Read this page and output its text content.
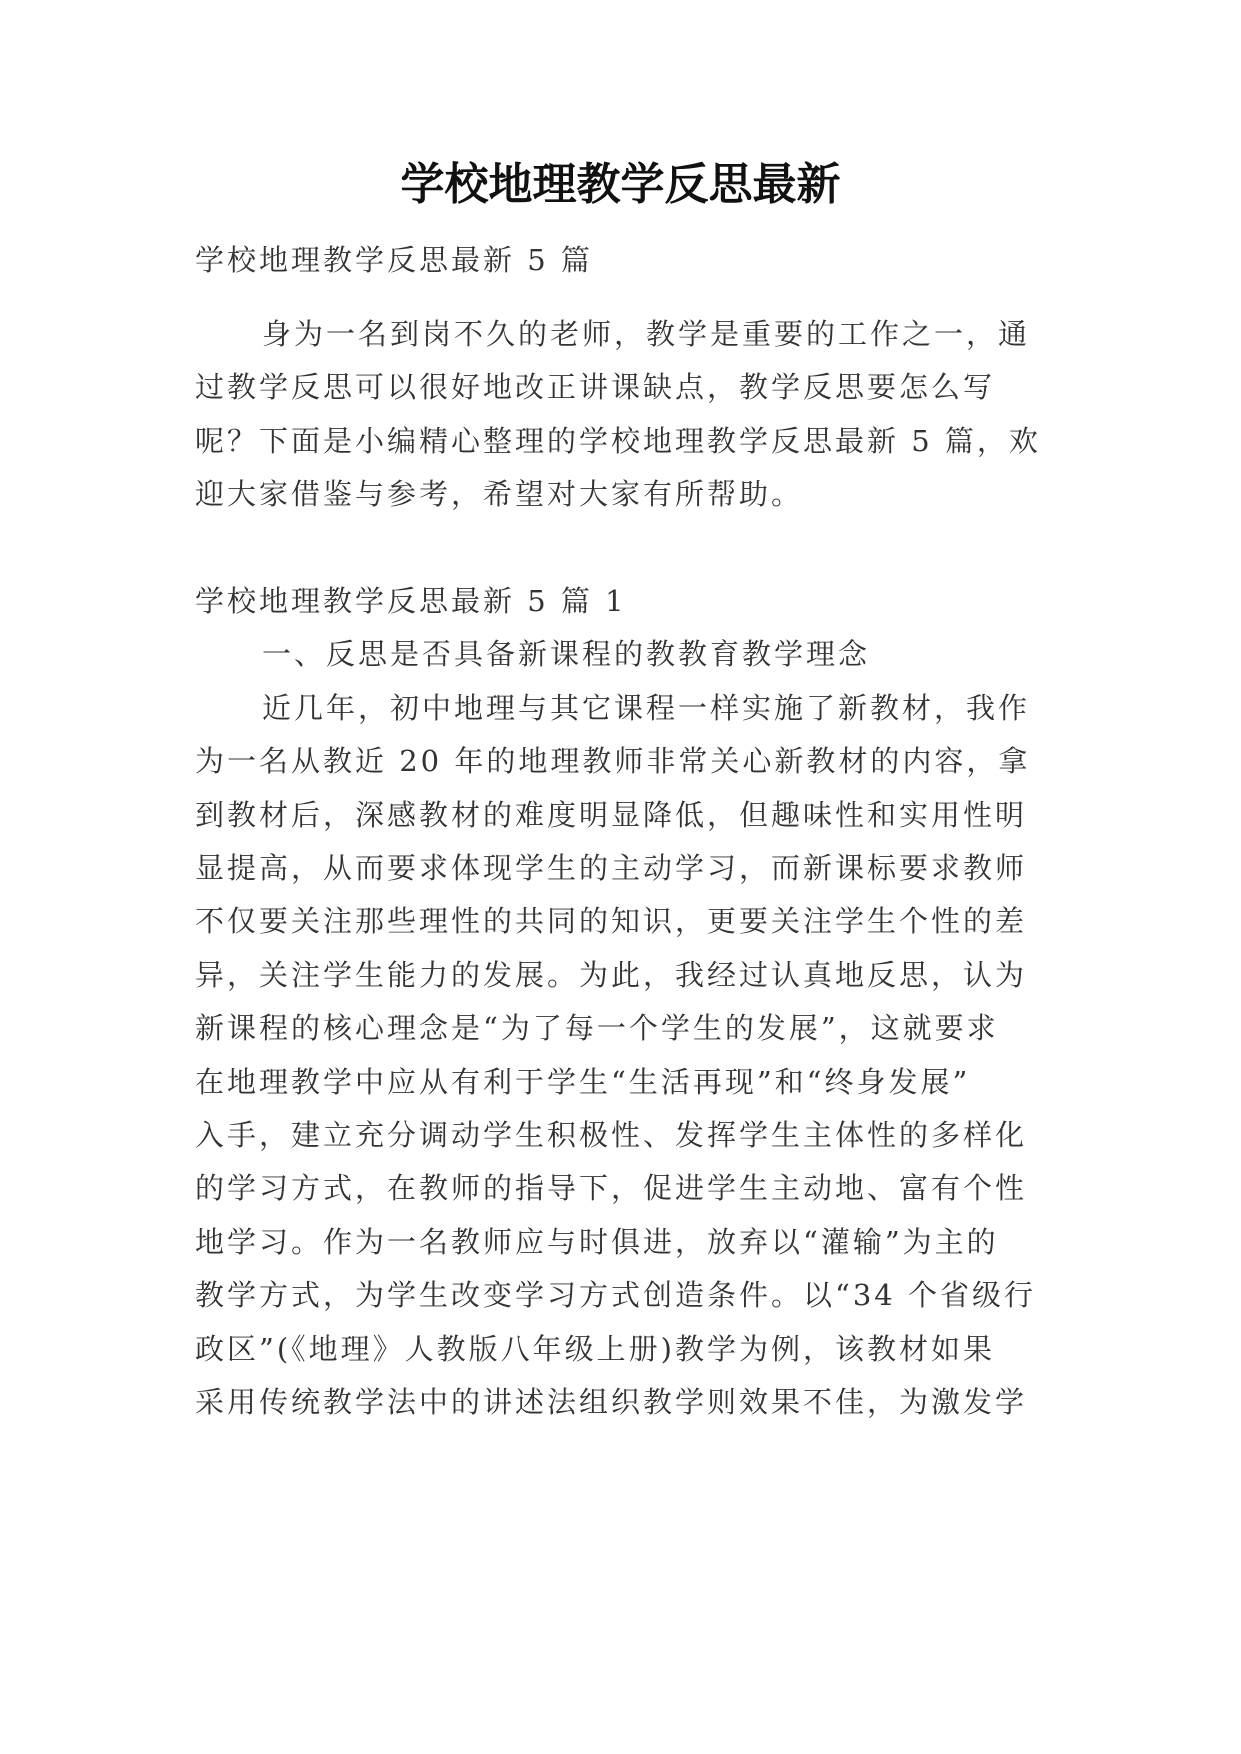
学校地理教学反思最新
学校地理教学反思最新 5 篇
身为一名到岗不久的老师，教学是重要的工作之一，通
过教学反思可以很好地改正讲课缺点，教学反思要怎么写
呢？下面是小编精心整理的学校地理教学反思最新 5 篇，欢
迎大家借鉴与参考，希望对大家有所帮助。
学校地理教学反思最新 5 篇 1
一、反思是否具备新课程的教教育教学理念
近几年，初中地理与其它课程一样实施了新教材，我作
为一名从教近 20 年的地理教师非常关心新教材的内容，拿
到教材后，深感教材的难度明显降低，但趣味性和实用性明
显提高，从而要求体现学生的主动学习，而新课标要求教师
不仅要关注那些理性的共同的知识，更要关注学生个性的差
异，关注学生能力的发展。为此，我经过认真地反思，认为
新课程的核心理念是“为了每一个学生的发展”，这就要求
在地理教学中应从有利于学生“生活再现”和“终身发展”
入手，建立充分调动学生积极性、发挥学生主体性的多样化
的学习方式，在教师的指导下，促进学生主动地、富有个性
地学习。作为一名教师应与时俱进，放弃以“灌输”为主的
教学方式，为学生改变学习方式创造条件。以“34 个省级行
政区”(《地理》人教版八年级上册)教学为例，该教材如果
采用传统教学法中的讲述法组织教学则效果不佳，为激发学
